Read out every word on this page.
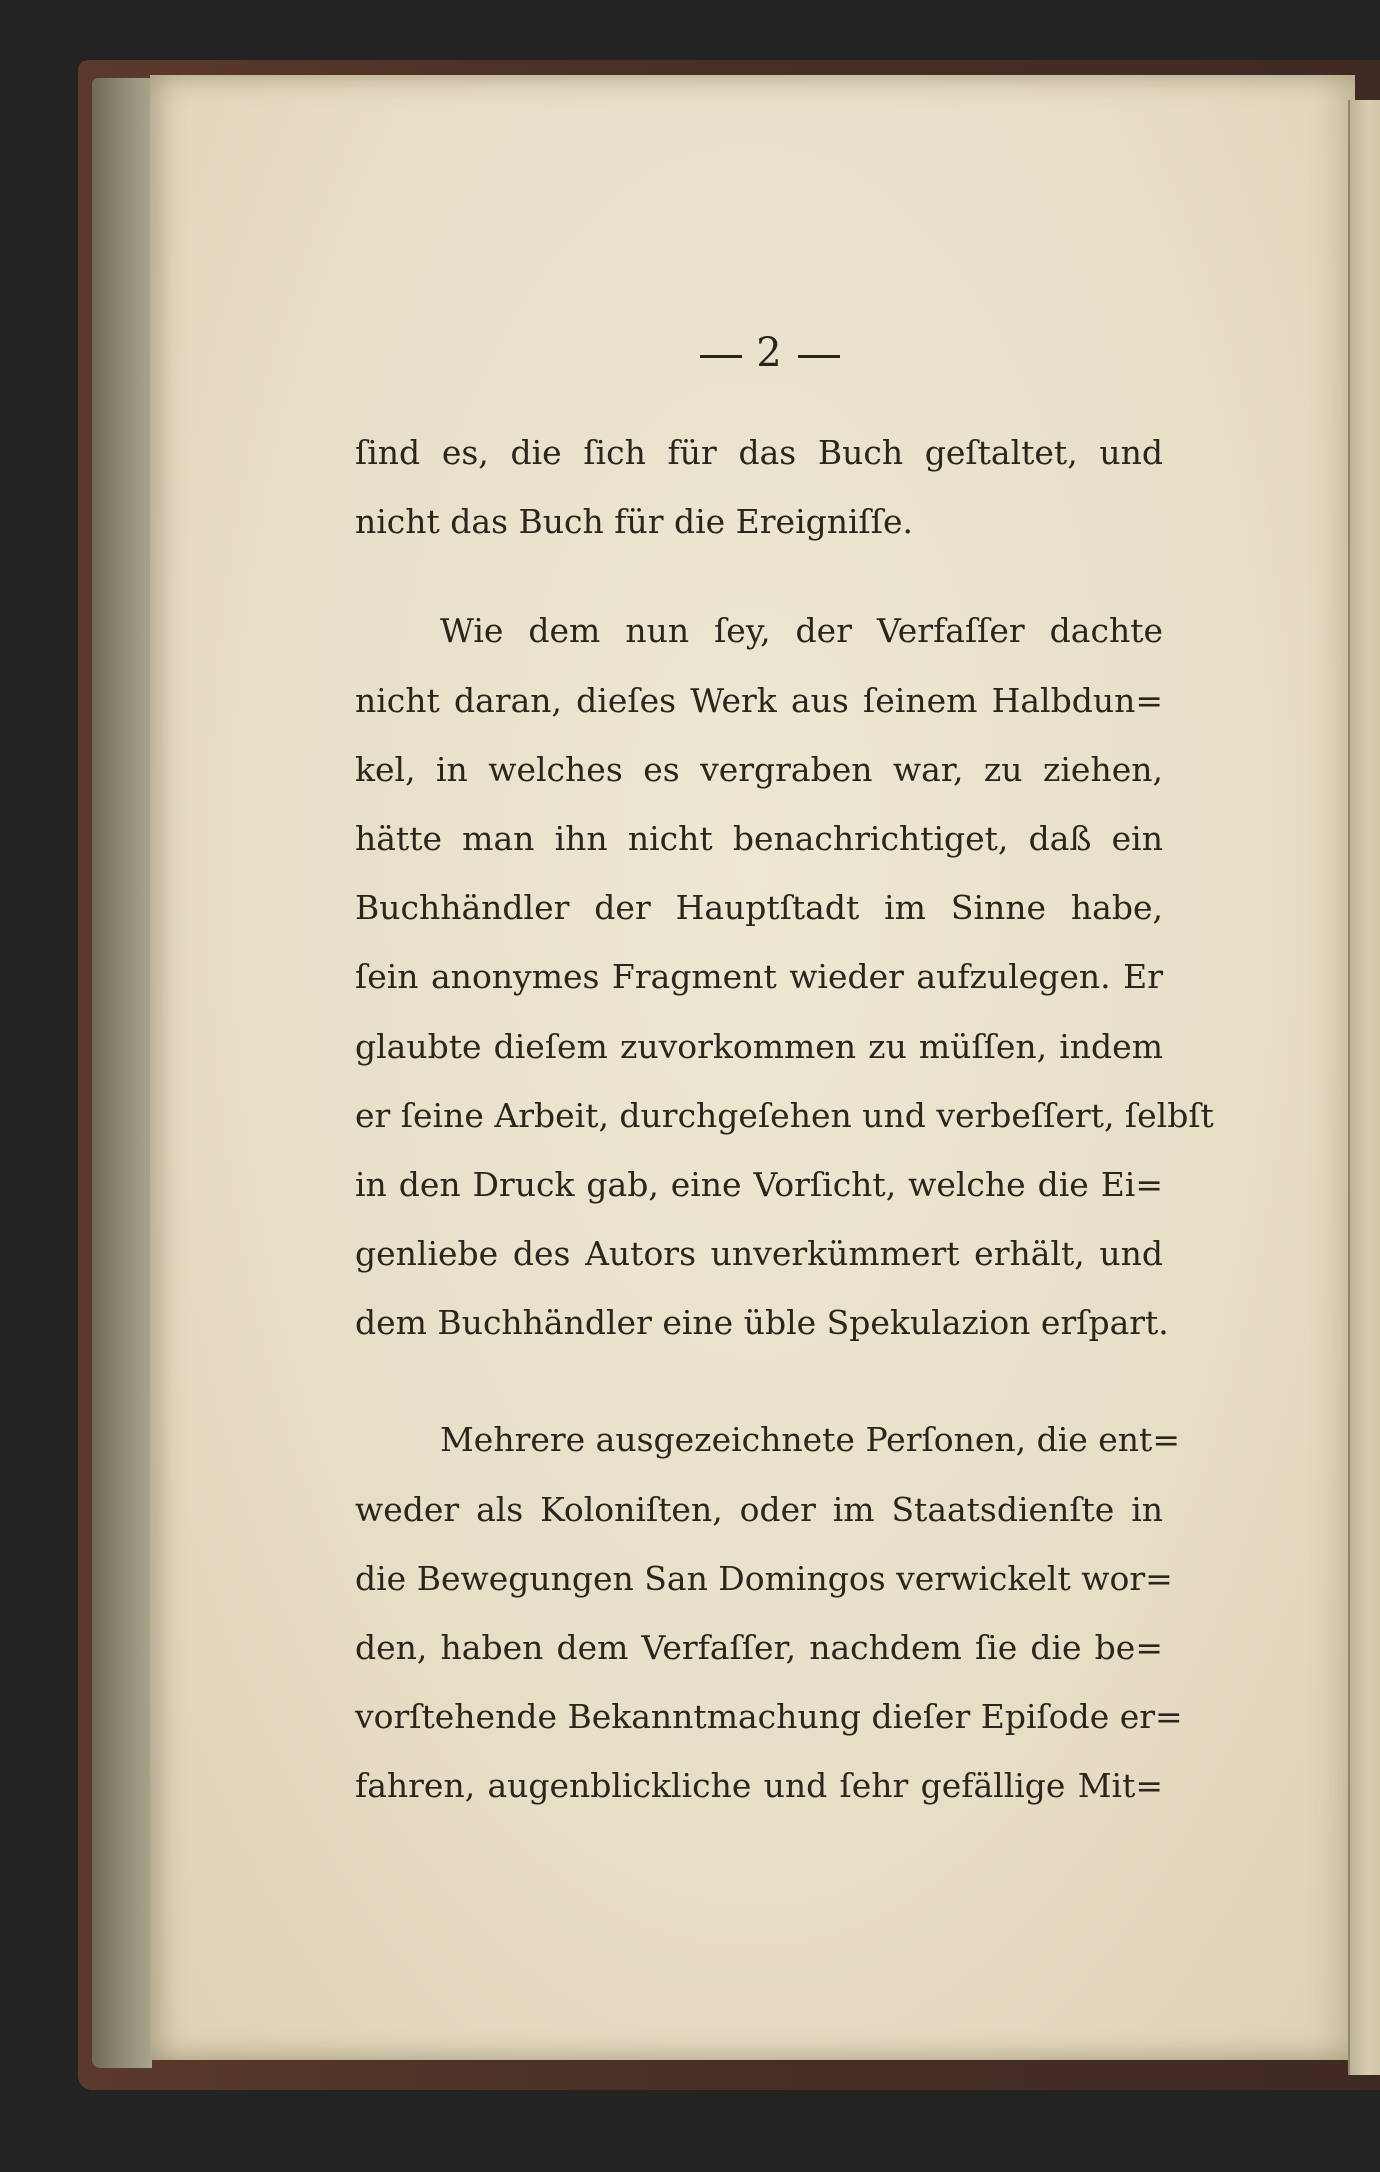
2
ſind es, die ſich für das Buch geſtaltet, und
nicht das Buch für die Ereigniſſe.
Wie dem nun ſey, der Verfaſſer dachte
nicht daran, dieſes Werk aus ſeinem Halbdun=
kel, in welches es vergraben war, zu ziehen,
hätte man ihn nicht benachrichtiget, daß ein
Buchhändler der Hauptſtadt im Sinne habe,
ſein anonymes Fragment wieder aufzulegen. Er
glaubte dieſem zuvorkommen zu müſſen, indem
er ſeine Arbeit, durchgeſehen und verbeſſert, ſelbſt
in den Druck gab, eine Vorſicht, welche die Ei=
genliebe des Autors unverkümmert erhält, und
dem Buchhändler eine üble Spekulazion erſpart.
Mehrere ausgezeichnete Perſonen, die ent=
weder als Koloniſten, oder im Staatsdienſte in
die Bewegungen San Domingos verwickelt wor=
den, haben dem Verfaſſer, nachdem ſie die be=
vorſtehende Bekanntmachung dieſer Epiſode er=
fahren, augenblickliche und ſehr gefällige Mit=
